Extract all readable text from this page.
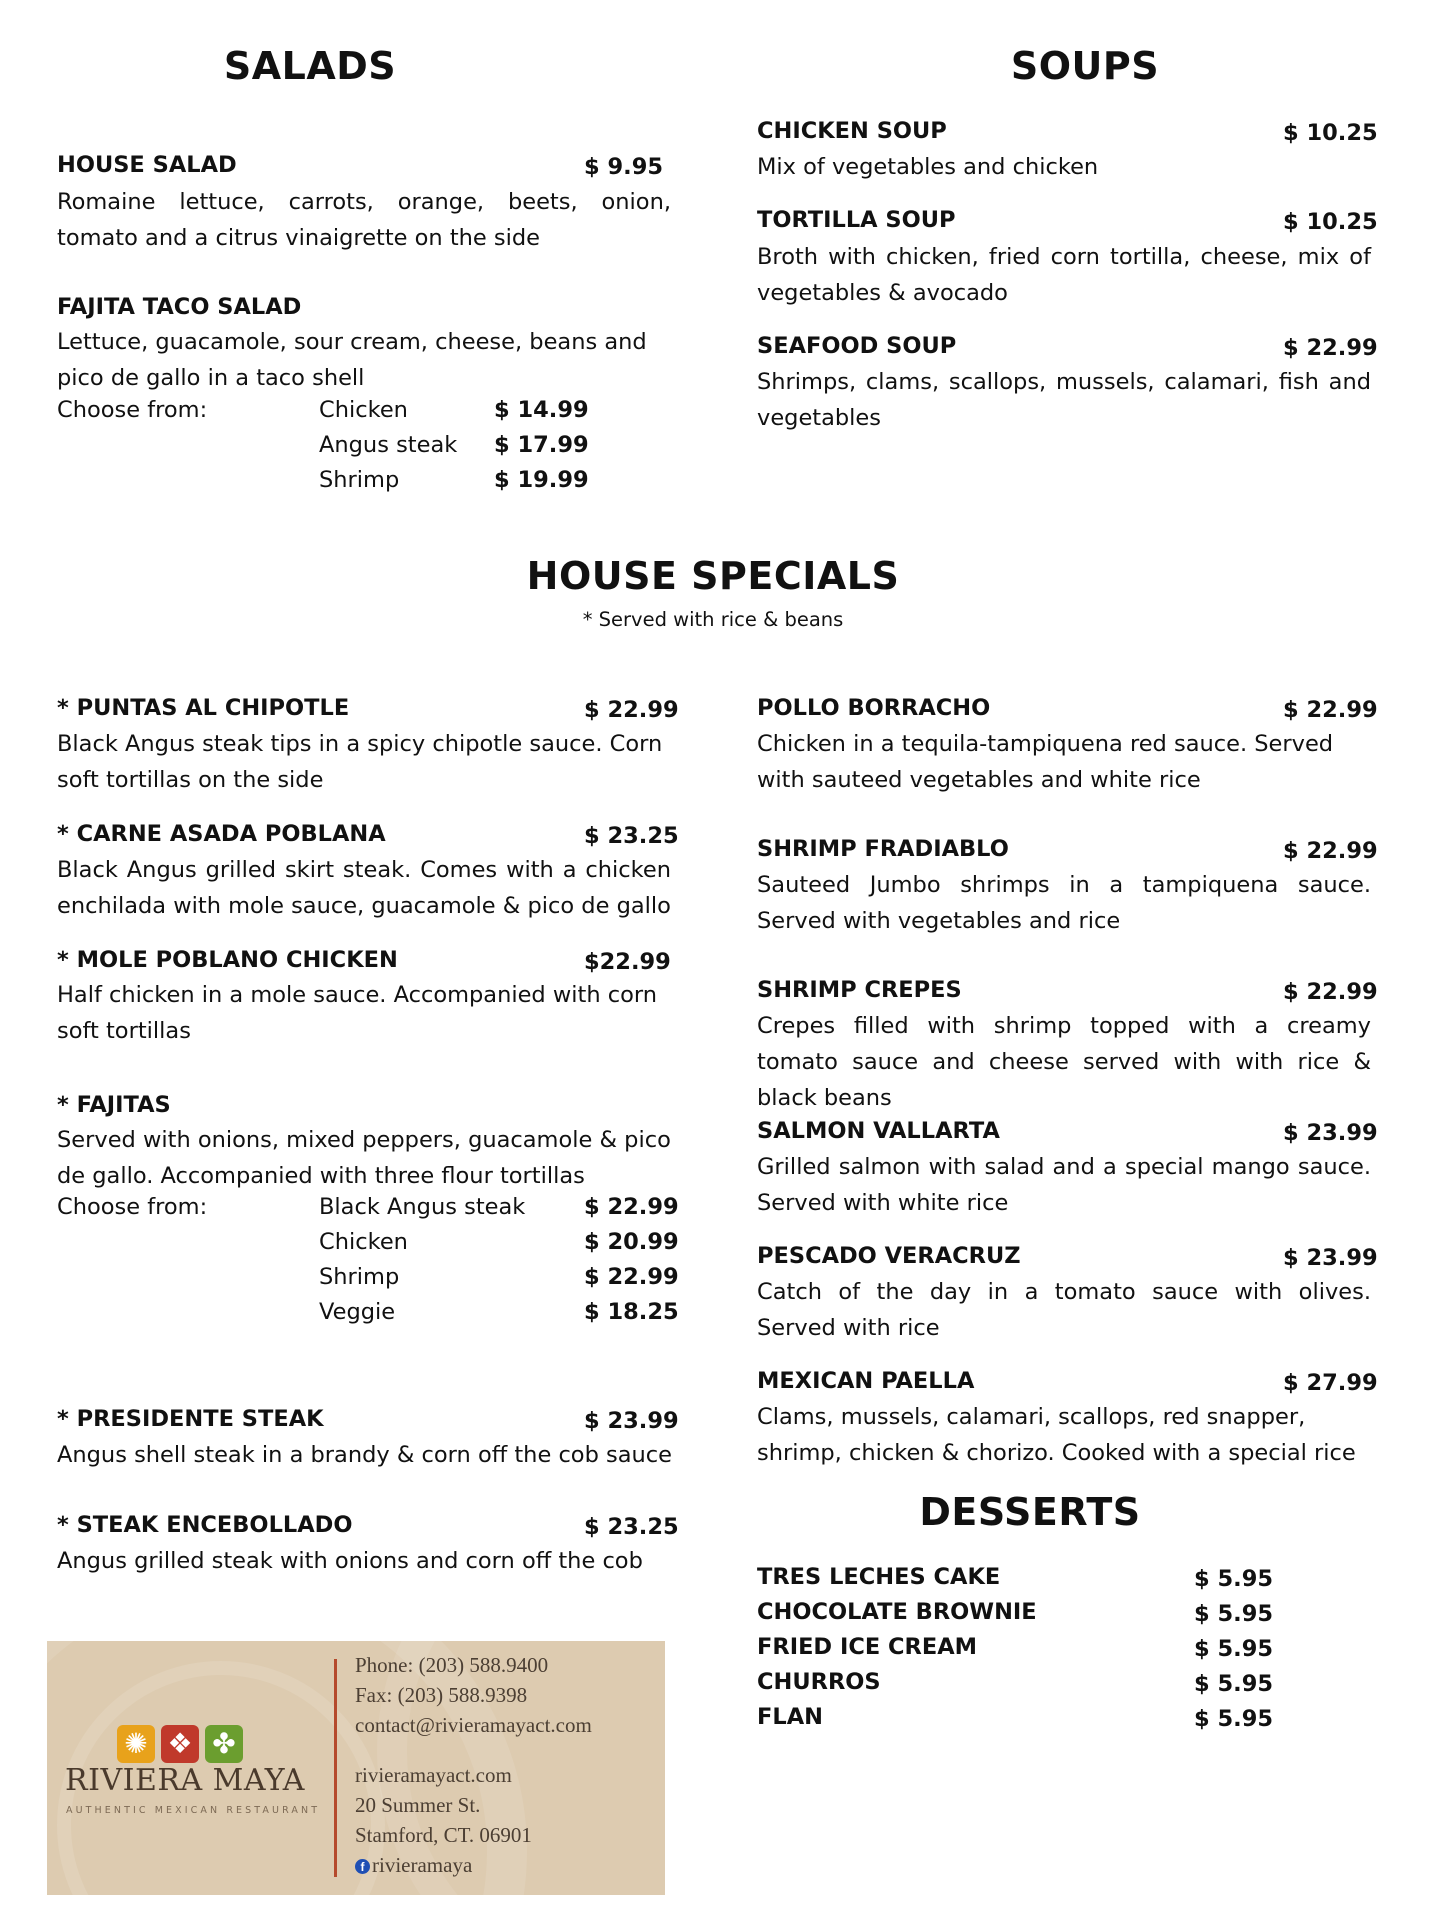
SALADS
HOUSE SALAD	$ 9.95
Romaine lettuce, carrots, orange, beets, onion, tomato and a citrus vinaigrette on the side
FAJITA TACO SALAD
Lettuce, guacamole, sour cream, cheese, beans and pico de gallo in a taco shell
Choose from:	Chicken	$ 14.99
Angus steak $ 17.99
Shrimp	$ 19.99
SOUPS
CHICKEN SOUP	$ 10.25
Mix of vegetables and chicken
TORTILLA SOUP	$ 10.25
Broth with chicken, fried corn tortilla, cheese, mix of vegetables & avocado
SEAFOOD SOUP	$ 22.99
Shrimps, clams, scallops, mussels, calamari, fish and vegetables
HOUSE SPECIALS
* Served with rice & beans
* PUNTAS AL CHIPOTLE	$ 22.99
Black Angus steak tips in a spicy chipotle sauce. Corn soft tortillas on the side
* CARNE ASADA POBLANA	$ 23.25
Black Angus grilled skirt steak. Comes with a chicken enchilada with mole sauce, guacamole & pico de gallo
* MOLE POBLANO CHICKEN	$22.99
Half chicken in a mole sauce. Accompanied with corn soft tortillas
* FAJITAS
Served with onions, mixed peppers, guacamole & pico de gallo. Accompanied with three flour tortillas
Choose from:	Black Angus steak	$ 22.99
Chicken	$ 20.99
Shrimp	$ 22.99
Veggie	$ 18.25
* PRESIDENTE STEAK	$ 23.99
Angus shell steak in a brandy & corn off the cob sauce
* STEAK ENCEBOLLADO	$ 23.25
Angus grilled steak with onions and corn off the cob
POLLO BORRACHO	$ 22.99
Chicken in a tequila-tampiquena red sauce. Served with sauteed vegetables and white rice
SHRIMP FRADIABLO	$ 22.99
Sauteed Jumbo shrimps in a tampiquena sauce. Served with vegetables and rice
SHRIMP CREPES	$ 22.99
Crepes filled with shrimp topped with a creamy tomato sauce and cheese served with with rice & black beans
SALMON VALLARTA	$ 23.99
Grilled salmon with salad and a special mango sauce. Served with white rice
PESCADO VERACRUZ	$ 23.99
Catch of the day in a tomato sauce with olives. Served with rice
MEXICAN PAELLA	$ 27.99
Clams, mussels, calamari, scallops, red snapper, shrimp, chicken & chorizo. Cooked with a special rice
DESSERTS
TRES LECHES CAKE	$ 5.95
CHOCOLATE BROWNIE	$ 5.95
FRIED ICE CREAM	$ 5.95
CHURROS	$ 5.95
FLAN	$ 5.95
✺ ❖ ✤
RIVIERA MAYA
AUTHENTIC MEXICAN RESTAURANT
Phone: (203) 588.9400
Fax: (203) 588.9398
contact@rivieramayact.com
rivieramayact.com
20 Summer St.
Stamford, CT. 06901
f rivieramaya
